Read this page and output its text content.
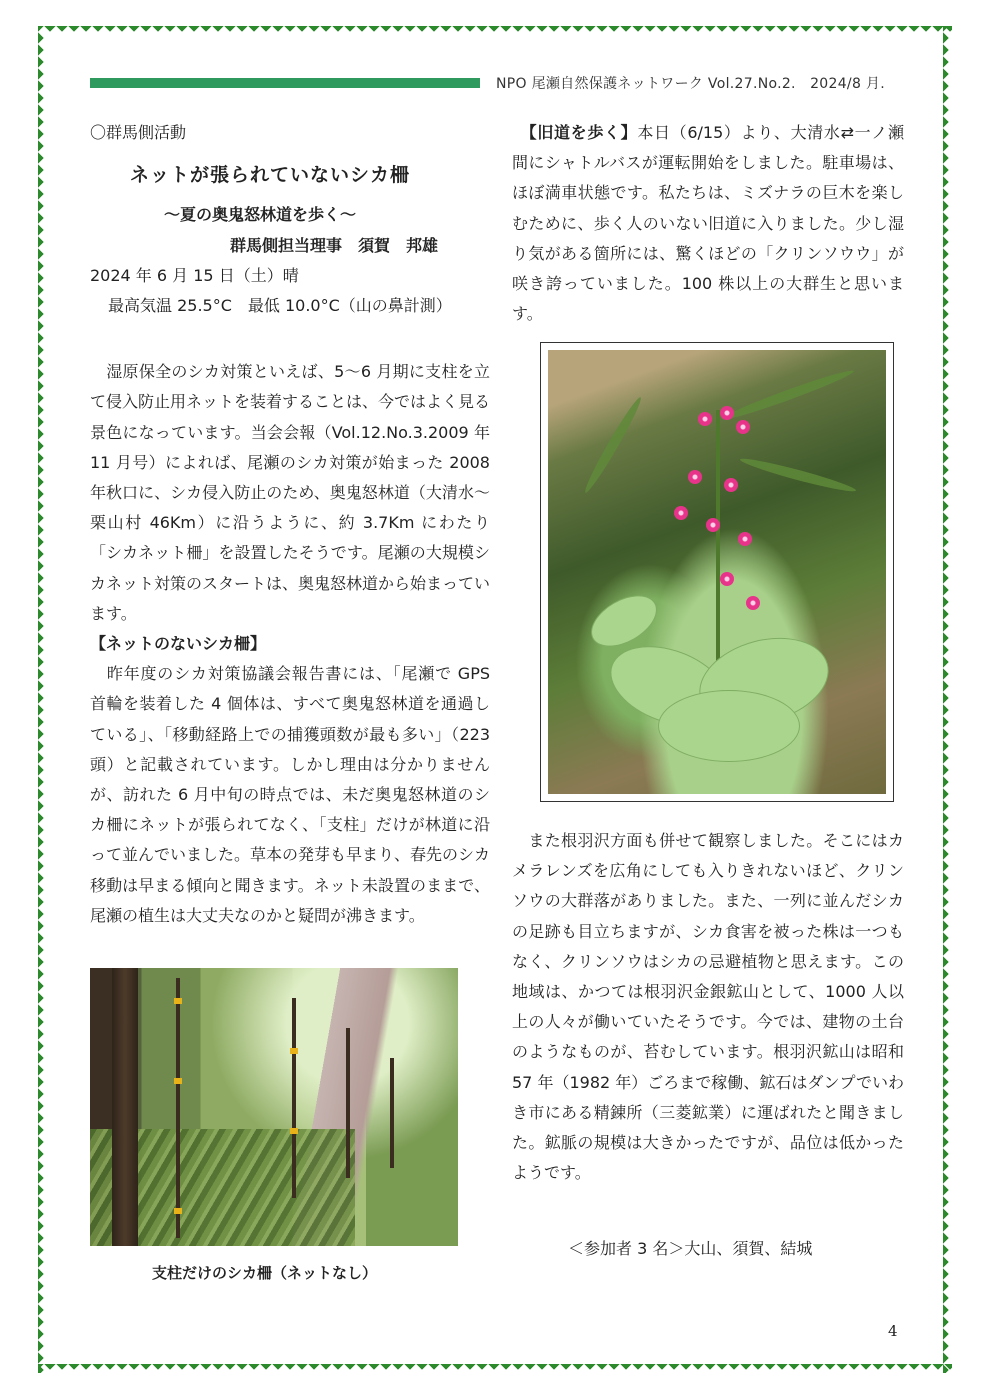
NPO 尾瀬自然保護ネットワーク Vol.27.No.2.　2024/8 月.

〇群馬側活動

ネットが張られていないシカ柵

～夏の奥鬼怒林道を歩く～

群馬側担当理事　須賀　邦雄

2024 年 6 月 15 日（土）晴

最高気温 25.5°C　最低 10.0°C（山の鼻計測）

　湿原保全のシカ対策といえば、5～6 月期に支柱を立て侵入防止用ネットを装着することは、今ではよく見る景色になっています。当会会報（Vol.12.No.3.2009 年 11 月号）によれば、尾瀬のシカ対策が始まった 2008 年秋口に、シカ侵入防止のため、奥鬼怒林道（大清水～栗山村 46Km）に沿うように、約 3.7Km にわたり「シカネット柵」を設置したそうです。尾瀬の大規模シカネット対策のスタートは、奥鬼怒林道から始まっています。

【ネットのないシカ柵】

　昨年度のシカ対策協議会報告書には、「尾瀬で GPS 首輪を装着した 4 個体は、すべて奥鬼怒林道を通過している」、「移動経路上での捕獲頭数が最も多い」（223 頭）と記載されています。しかし理由は分かりませんが、訪れた 6 月中旬の時点では、未だ奥鬼怒林道のシカ柵にネットが張られてなく、「支柱」だけが林道に沿って並んでいました。草本の発芽も早まり、春先のシカ移動は早まる傾向と聞きます。ネット未設置のままで、尾瀬の植生は大丈夫なのかと疑問が沸きます。

支柱だけのシカ柵（ネットなし）

　【旧道を歩く】本日（6/15）より、大清水⇄一ノ瀬間にシャトルバスが運転開始をしました。駐車場は、ほぼ満車状態です。私たちは、ミズナラの巨木を楽しむために、歩く人のいない旧道に入りました。少し湿り気がある箇所には、驚くほどの「クリンソウウ」が咲き誇っていました。100 株以上の大群生と思います。

　また根羽沢方面も併せて観察しました。そこにはカメラレンズを広角にしても入りきれないほど、クリンソウの大群落がありました。また、一列に並んだシカの足跡も目立ちますが、シカ食害を被った株は一つもなく、クリンソウはシカの忌避植物と思えます。この地域は、かつては根羽沢金銀鉱山として、1000 人以上の人々が働いていたそうです。今では、建物の土台のようなものが、苔むしています。根羽沢鉱山は昭和 57 年（1982 年）ごろまで稼働、鉱石はダンプでいわき市にある精錬所（三菱鉱業）に運ばれたと聞きました。鉱脈の規模は大きかったですが、品位は低かったようです。

＜参加者 3 名＞大山、須賀、結城
4
